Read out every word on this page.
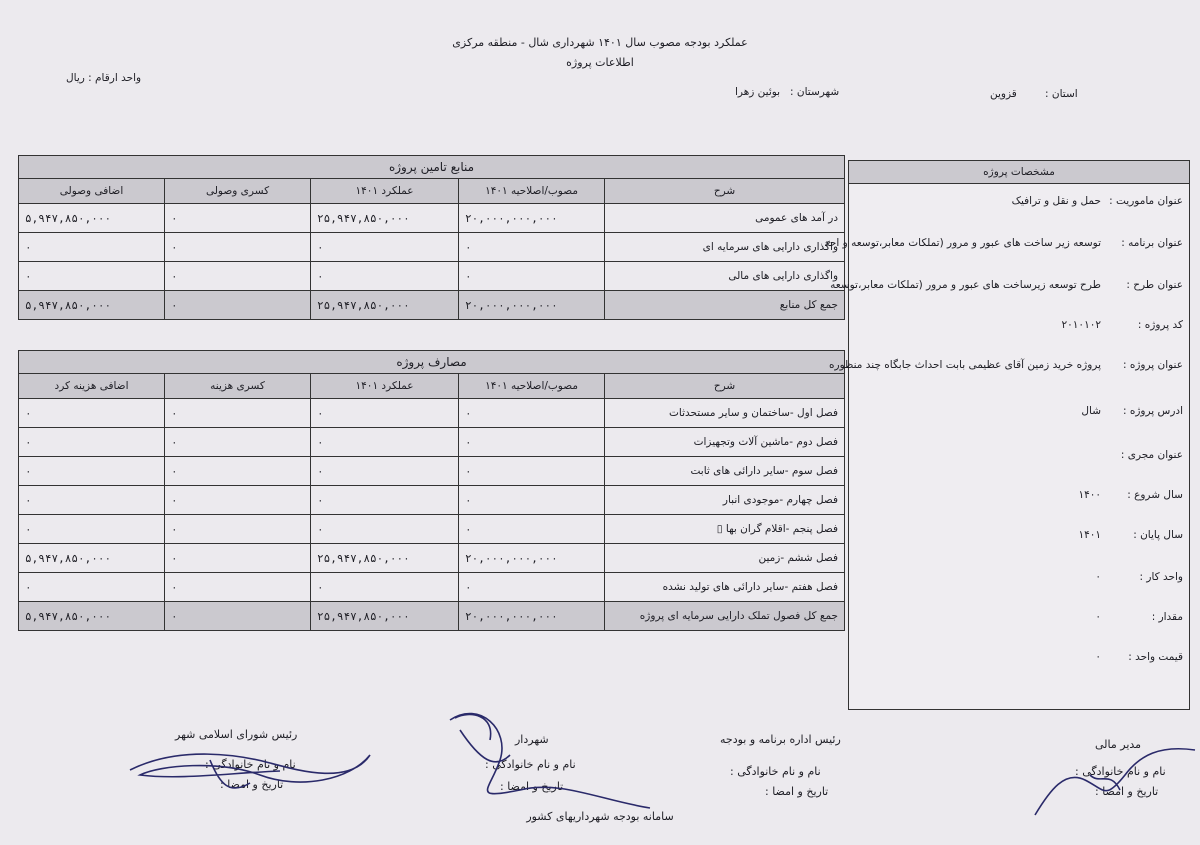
عملکرد بودجه مصوب سال ۱۴۰۱ شهرداری شال - منطقه مرکزی
اطلاعات پروژه
واحد ارقام : ریال
استان :
قزوین
شهرستان :
بوئین زهرا
منابع تامین پروژه				
شرح	مصوب/اصلاحیه ۱۴۰۱	عملکرد ۱۴۰۱	کسری وصولی	اضافی وصولی
در آمد های عمومی	۲۰,۰۰۰,۰۰۰,۰۰۰	۲۵,۹۴۷,۸۵۰,۰۰۰	۰	۵,۹۴۷,۸۵۰,۰۰۰
واگذاری دارایی های سرمایه ای	۰	۰	۰	۰
واگذاری دارایی های مالی	۰	۰	۰	۰
جمع کل منابع	۲۰,۰۰۰,۰۰۰,۰۰۰	۲۵,۹۴۷,۸۵۰,۰۰۰	۰	۵,۹۴۷,۸۵۰,۰۰۰
مصارف پروژه				
شرح	مصوب/اصلاحیه ۱۴۰۱	عملکرد ۱۴۰۱	کسری هزینه	اضافی هزینه کرد
فصل اول -ساختمان و سایر مستحدثات	۰	۰	۰	۰
فصل دوم -ماشین آلات وتجهیزات	۰	۰	۰	۰
فصل سوم -سایر دارائی های ثابت	۰	۰	۰	۰
فصل چهارم -موجودی انبار	۰	۰	۰	۰
فصل پنجم -اقلام گران بها ▯	۰	۰	۰	۰
فصل ششم -زمین	۲۰,۰۰۰,۰۰۰,۰۰۰	۲۵,۹۴۷,۸۵۰,۰۰۰	۰	۵,۹۴۷,۸۵۰,۰۰۰
فصل هفتم -سایر دارائی های تولید نشده	۰	۰	۰	۰
جمع کل فصول تملک دارایی سرمایه ای پروژه	۲۰,۰۰۰,۰۰۰,۰۰۰	۲۵,۹۴۷,۸۵۰,۰۰۰	۰	۵,۹۴۷,۸۵۰,۰۰۰
مشخصات پروژه
عنوان ماموریت :حمل و نقل و ترافیک
عنوان برنامه :توسعه زیر ساخت های عبور و مرور (تملکات معابر،توسعه و احد
عنوان طرح :طرح توسعه زیرساخت های عبور و مرور (تملکات معابر،توسعه
کد پروژه :۲۰۱۰۱۰۲
عنوان پروژه :پروژه خرید زمین آقای عظیمی بابت احداث جابگاه چند منظوره
ادرس پروژه :شال
عنوان مجری :
سال شروع :۱۴۰۰
سال پایان :۱۴۰۱
واحد کار :۰
مقدار :۰
قیمت واحد :۰
رئیس شورای اسلامی شهر
نام و نام خانوادگی :
تاریخ و امضا :
شهردار
نام و نام خانوادگی :
تاریخ و امضا :
رئیس اداره برنامه و بودجه
نام و نام خانوادگی :
تاریخ و امضا :
مدیر مالی
نام و نام خانوادگی :
تاریخ و امضا :
سامانه بودجه شهرداریهای کشور
